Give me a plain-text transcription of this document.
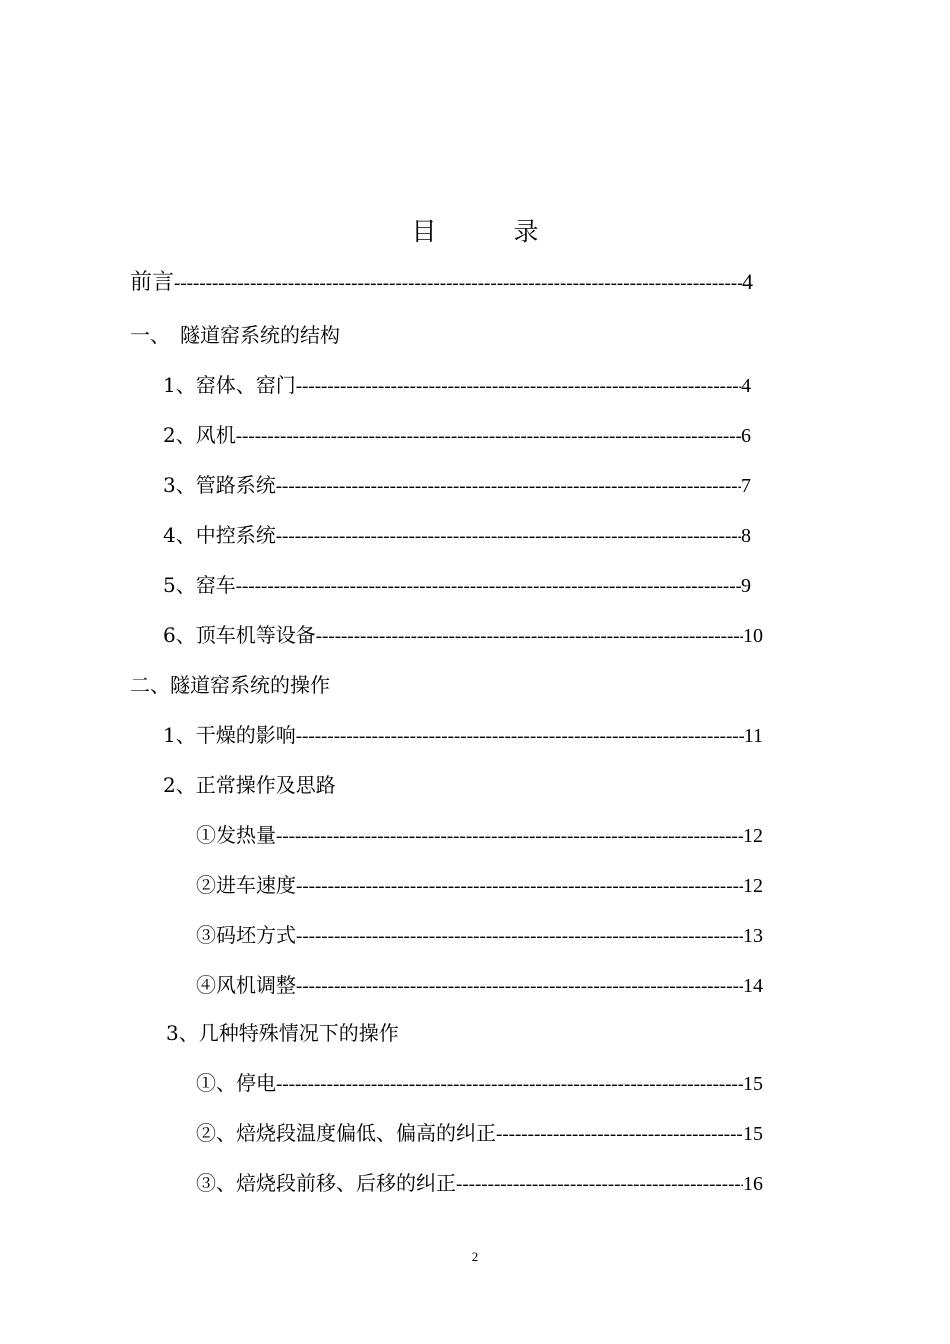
目　录
前言 -----	4
一、　隧道窑系统的结构
1、窑体、窑门 -----	4
2、风机 -----	6
3、管路系统 -----	7
4、中控系统 -----	8
5、窑车 -----	9
6、顶车机等设备 -----	10
二、隧道窑系统的操作
1、干燥的影响 -----	11
2、正常操作及思路
①发热量 -----	12
②进车速度 -----	12
③码坯方式 -----	13
④风机调整 -----	14
3、几种特殊情况下的操作
①、停电 -----	15
②、焙烧段温度偏低、偏高的纠正 -----	15
③、焙烧段前移、后移的纠正 -----	16
2
